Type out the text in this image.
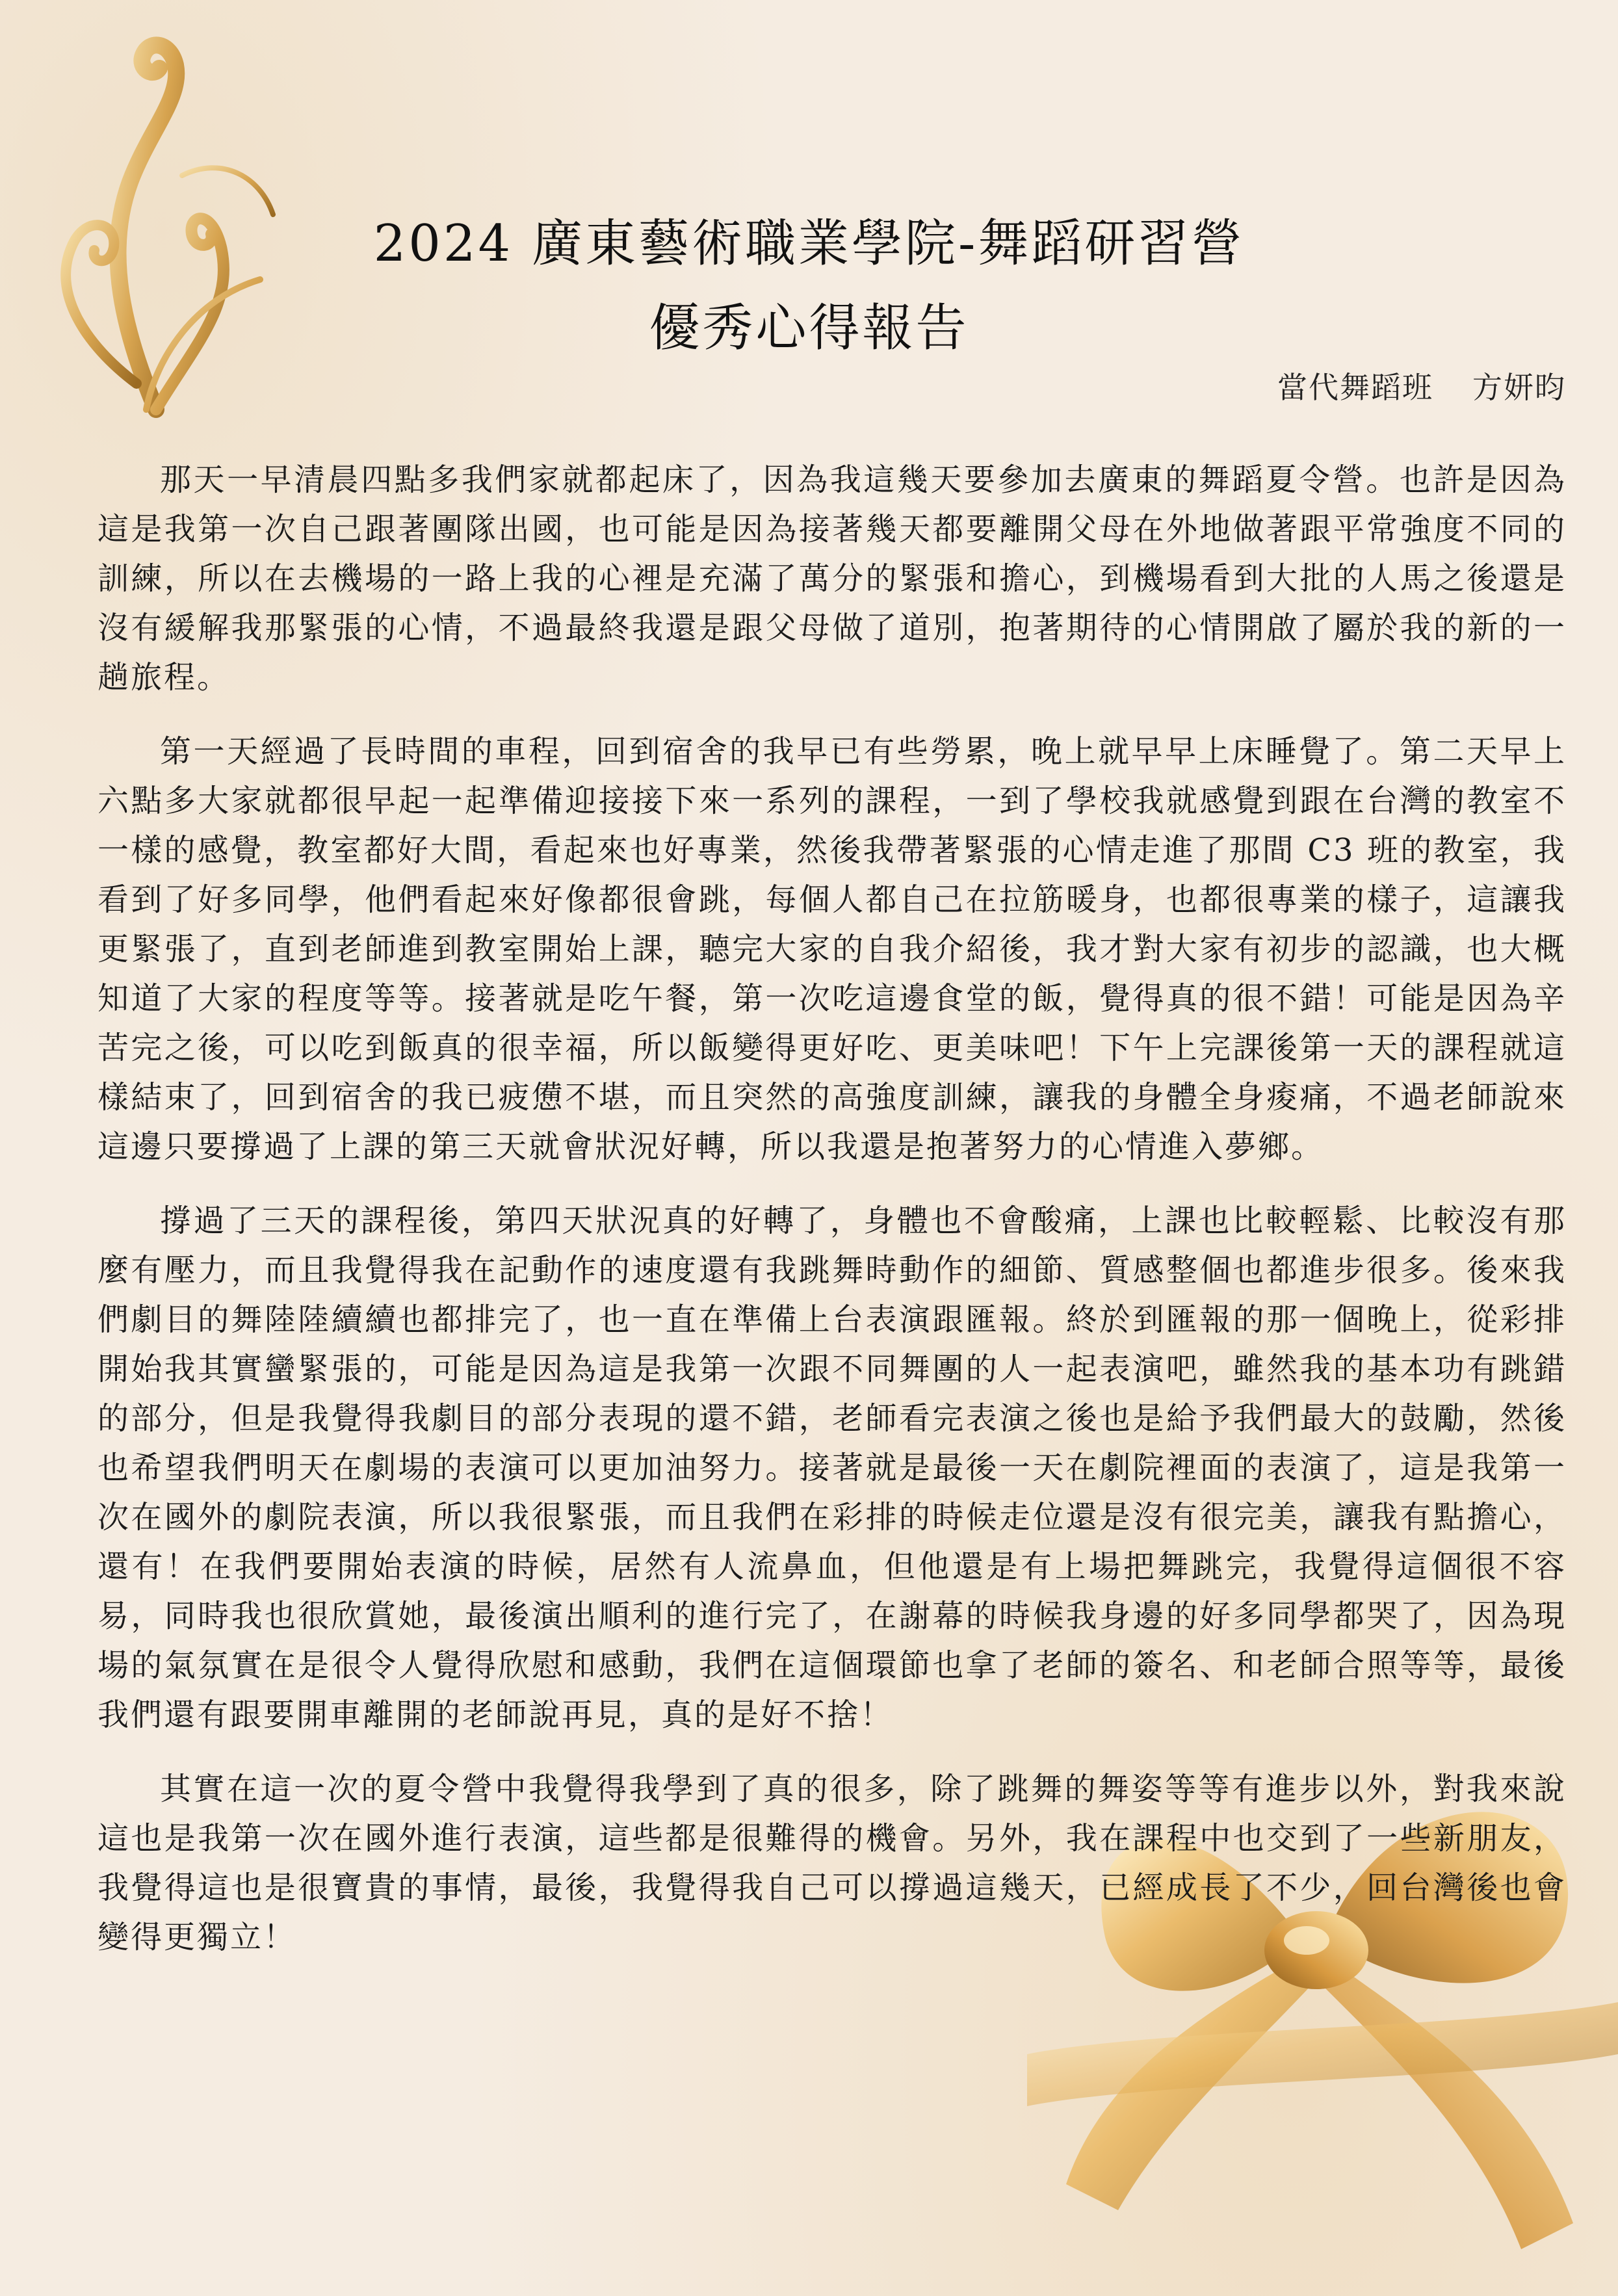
2024 廣東藝術職業學院-舞蹈研習營

優秀心得報告

當代舞蹈班 方妍昀

那天一早清晨四點多我們家就都起床了，因為我這幾天要參加去廣東的舞蹈夏令營。也許是因為這是我第一次自己跟著團隊出國，也可能是因為接著幾天都要離開父母在外地做著跟平常強度不同的訓練，所以在去機場的一路上我的心裡是充滿了萬分的緊張和擔心，到機場看到大批的人馬之後還是沒有緩解我那緊張的心情，不過最終我還是跟父母做了道別，抱著期待的心情開啟了屬於我的新的一趟旅程。

第一天經過了長時間的車程，回到宿舍的我早已有些勞累，晚上就早早上床睡覺了。第二天早上六點多大家就都很早起一起準備迎接接下來一系列的課程，一到了學校我就感覺到跟在台灣的教室不一樣的感覺，教室都好大間，看起來也好專業，然後我帶著緊張的心情走進了那間 C3 班的教室，我看到了好多同學，他們看起來好像都很會跳，每個人都自己在拉筋暖身，也都很專業的樣子，這讓我更緊張了，直到老師進到教室開始上課，聽完大家的自我介紹後，我才對大家有初步的認識，也大概知道了大家的程度等等。接著就是吃午餐，第一次吃這邊食堂的飯，覺得真的很不錯！可能是因為辛苦完之後，可以吃到飯真的很幸福，所以飯變得更好吃、更美味吧！下午上完課後第一天的課程就這樣結束了，回到宿舍的我已疲憊不堪，而且突然的高強度訓練，讓我的身體全身痠痛，不過老師說來這邊只要撐過了上課的第三天就會狀況好轉，所以我還是抱著努力的心情進入夢鄉。

撐過了三天的課程後，第四天狀況真的好轉了，身體也不會酸痛，上課也比較輕鬆、比較沒有那麼有壓力，而且我覺得我在記動作的速度還有我跳舞時動作的細節、質感整個也都進步很多。後來我們劇目的舞陸陸續續也都排完了，也一直在準備上台表演跟匯報。終於到匯報的那一個晚上，從彩排開始我其實蠻緊張的，可能是因為這是我第一次跟不同舞團的人一起表演吧，雖然我的基本功有跳錯的部分，但是我覺得我劇目的部分表現的還不錯，老師看完表演之後也是給予我們最大的鼓勵，然後也希望我們明天在劇場的表演可以更加油努力。接著就是最後一天在劇院裡面的表演了，這是我第一次在國外的劇院表演，所以我很緊張，而且我們在彩排的時候走位還是沒有很完美，讓我有點擔心，還有！在我們要開始表演的時候，居然有人流鼻血，但他還是有上場把舞跳完，我覺得這個很不容易，同時我也很欣賞她，最後演出順利的進行完了，在謝幕的時候我身邊的好多同學都哭了，因為現場的氣氛實在是很令人覺得欣慰和感動，我們在這個環節也拿了老師的簽名、和老師合照等等，最後我們還有跟要開車離開的老師說再見，真的是好不捨！

其實在這一次的夏令營中我覺得我學到了真的很多，除了跳舞的舞姿等等有進步以外，對我來說這也是我第一次在國外進行表演，這些都是很難得的機會。另外，我在課程中也交到了一些新朋友，我覺得這也是很寶貴的事情，最後，我覺得我自己可以撐過這幾天，已經成長了不少，回台灣後也會變得更獨立！
